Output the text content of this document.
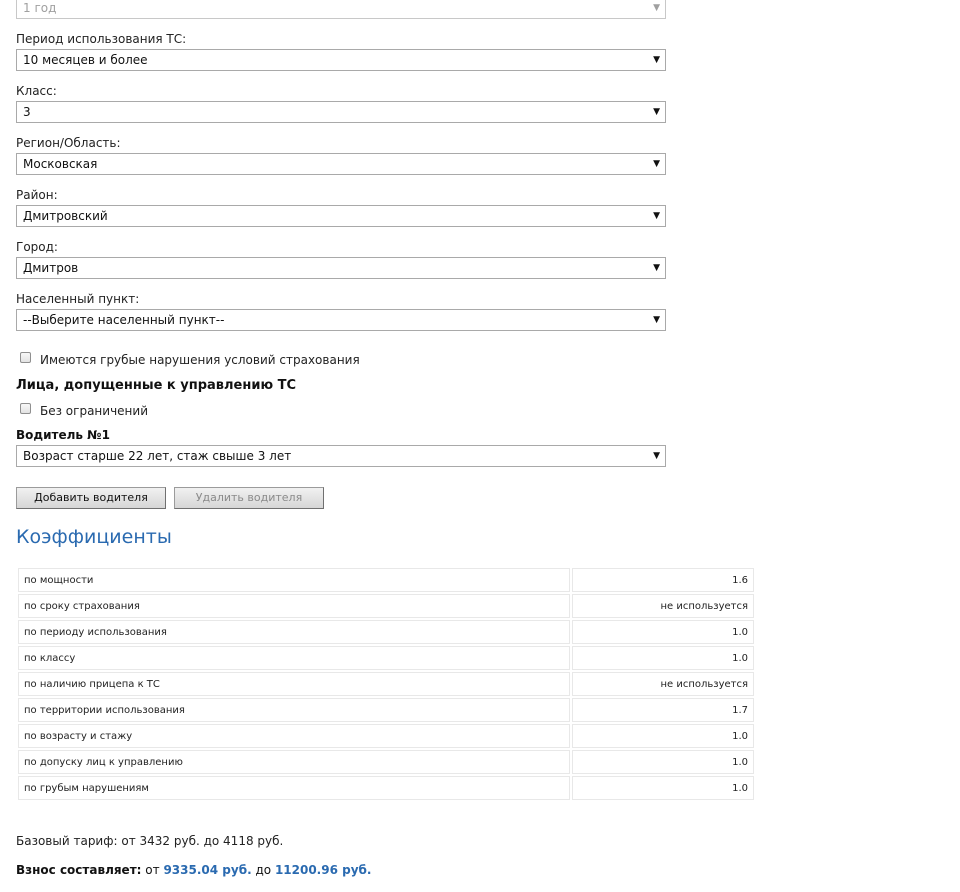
1 год	▼
Период использования ТС:
10 месяцев и более	▼
Класс:
3	▼
Регион/Область:
Московская	▼
Район:
Дмитровский	▼
Город:
Дмитров	▼
Населенный пункт:
--Выберите населенный пункт--	▼
Имеются грубые нарушения условий страхования
Лица, допущенные к управлению ТС
Без ограничений
Водитель №1
Возраст старше 22 лет, стаж свыше 3 лет	▼
Добавить водителя	Удалить водителя
Коэффициенты
по мощности	1.6
по сроку страхования	не используется
по периоду использования	1.0
по классу	1.0
по наличию прицепа к ТС	не используется
по территории использования	1.7
по возрасту и стажу	1.0
по допуску лиц к управлению	1.0
по грубым нарушениям	1.0
Базовый тариф: от 3432 руб. до 4118 руб.
Взнос составляет: от 9335.04 руб. до 11200.96 руб.
